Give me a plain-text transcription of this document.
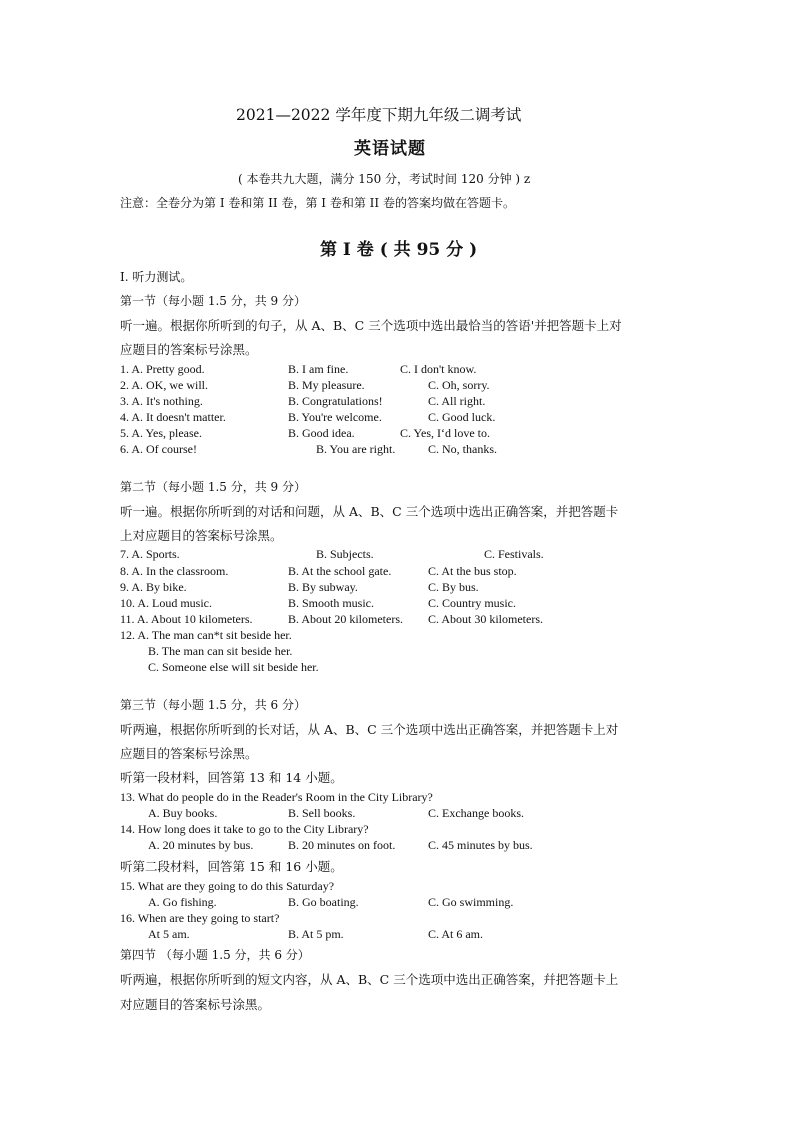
2021—2022 学年度下期九年级二调考试
英语试题
( 本卷共九大题，满分 150 分，考试时间 120 分钟 ) z
注意：全卷分为第 I 卷和第 II 卷，第 I 卷和第 II 卷的答案均做在答题卡。
第 I 卷 ( 共 95 分 )
I. 听力测试。
第一节（每小题 1.5 分，共 9 分）
听一遍。根据你所听到的句子，从 A、B、C 三个选项中选出最恰当的答语'并把答题卡上对
应题目的答案标号涂黑。
1. A. Pretty good.	B. I am fine.	C. I don't know.
2. A. OK, we will.	B. My pleasure.	C. Oh, sorry.
3. A. It's nothing.	B. Congratulations!	C. All right.
4. A. It doesn't matter.	B. You're welcome.	C. Good luck.
5. A. Yes, please.	B. Good idea.	C. Yes, I‘d love to.
6. A. Of course!	B. You are right.	C. No, thanks.
第二节（每小题 1.5 分，共 9 分）
听一遍。根据你所听到的对话和问题，从 A、B、C 三个选项中选出正确答案，并把答题卡
上对应题目的答案标号涂黑。
7. A. Sports.	B. Subjects.	C. Festivals.
8. A. In the classroom.	B. At the school gate.	C. At the bus stop.
9. A. By bike.	B. By subway.	C. By bus.
10. A. Loud music.	B. Smooth music.	C. Country music.
11. A. About 10 kilometers.	B. About 20 kilometers. C. About 30 kilometers.
12. A. The man can*t sit beside her.
B. The man can sit beside her.
C. Someone else will sit beside her.
第三节（每小题 1.5 分，共 6 分）
听两遍，根据你所听到的长对话，从 A、B、C 三个选项中选出正确答案，并把答题卡上对
应题目的答案标号涂黑。
听第一段材料，回答第 13 和 14 小题。
13. What do people do in the Reader's Room in the City Library?
A. Buy books.	B. Sell books.	C. Exchange books.
14. How long does it take to go to the City Library?
A. 20 minutes by bus.	B. 20 minutes on foot.	C. 45 minutes by bus.
听第二段材料，回答第 15 和 16 小题。
15. What are they going to do this Saturday?
A. Go fishing.	B. Go boating.	C. Go swimming.
16. When are they going to start?
At 5 am.	B. At 5 pm.	C. At 6 am.
第四节 （每小题 1.5 分，共 6 分）
听两遍，根据你所听到的短文内容，从 A、B、C 三个选项中选出正确答案，幷把答题卡上
对应题目的答案标号涂黑。
